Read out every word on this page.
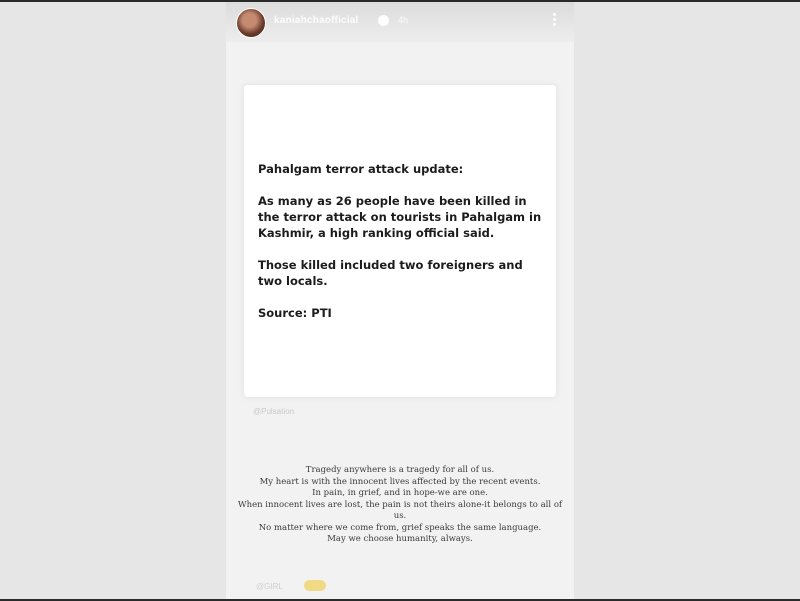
kaniahchaofficial	4h

Pahalgam terror attack update:

As many as 26 people have been killed in the terror attack on tourists in Pahalgam in Kashmir, a high ranking official said.

Those killed included two foreigners and two locals.

Source: PTI

@Pulsation
Tragedy anywhere is a tragedy for all of us.
My heart is with the innocent lives affected by the recent events.
In pain, in grief, and in hope-we are one.
When innocent lives are lost, the pain is not theirs alone-it belongs to all of us.
No matter where we come from, grief speaks the same language.
May we choose humanity, always.
@GIRL
